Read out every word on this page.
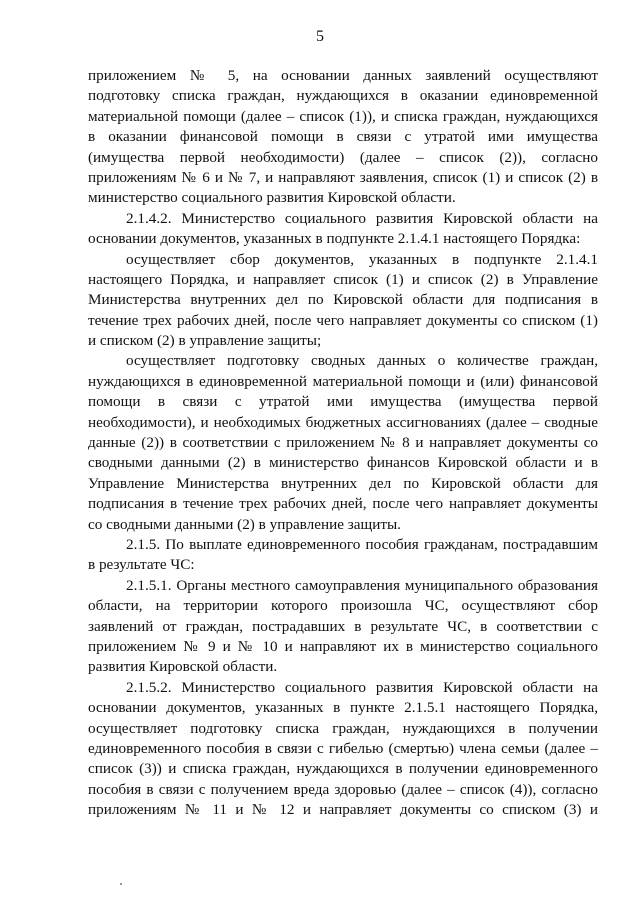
5
приложением № 5, на основании данных заявлений осуществляют
подготовку списка граждан, нуждающихся в оказании единовременной
материальной помощи (далее – список (1)), и списка граждан, нуждающихся
в оказании финансовой помощи в связи с утратой ими имущества
(имущества первой необходимости) (далее – список (2)), согласно
приложениям № 6 и № 7, и направляют заявления, список (1) и список (2) в
министерство социального развития Кировской области.
2.1.4.2. Министерство социального развития Кировской области на
основании документов, указанных в подпункте 2.1.4.1 настоящего Порядка:
осуществляет сбор документов, указанных в подпункте 2.1.4.1
настоящего Порядка, и направляет список (1) и список (2) в Управление
Министерства внутренних дел по Кировской области для подписания в
течение трех рабочих дней, после чего направляет документы со списком (1)
и списком (2) в управление защиты;
осуществляет подготовку сводных данных о количестве граждан,
нуждающихся в единовременной материальной помощи и (или) финансовой
помощи в связи с утратой ими имущества (имущества первой
необходимости), и необходимых бюджетных ассигнованиях (далее – сводные
данные (2)) в соответствии с приложением № 8 и направляет документы со
сводными данными (2) в министерство финансов Кировской области и в
Управление Министерства внутренних дел по Кировской области для
подписания в течение трех рабочих дней, после чего направляет документы
со сводными данными (2) в управление защиты.
2.1.5. По выплате единовременного пособия гражданам, пострадавшим
в результате ЧС:
2.1.5.1. Органы местного самоуправления муниципального образования
области, на территории которого произошла ЧС, осуществляют сбор
заявлений от граждан, пострадавших в результате ЧС, в соответствии с
приложением № 9 и № 10 и направляют их в министерство социального
развития Кировской области.
2.1.5.2. Министерство социального развития Кировской области на
основании документов, указанных в пункте 2.1.5.1 настоящего Порядка,
осуществляет подготовку списка граждан, нуждающихся в получении
единовременного пособия в связи с гибелью (смертью) члена семьи (далее –
список (3)) и списка граждан, нуждающихся в получении единовременного
пособия в связи с получением вреда здоровью (далее – список (4)), согласно
приложениям № 11 и № 12 и направляет документы со списком (3) и
